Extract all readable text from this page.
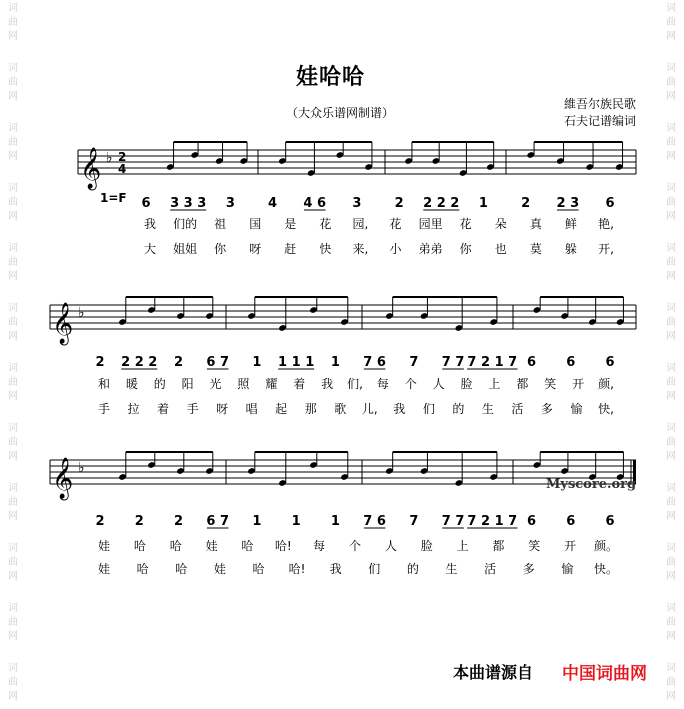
词
曲
网
词
曲
网
词
曲
网
词
曲
网
词
曲
网
词
曲
网
词
曲
网
词
曲
网
词
曲
网
词
曲
网
词
曲
网
词
曲
网
词
曲
网
词
曲
网
词
曲
网
词
曲
网
词
曲
网
词
曲
网
词
曲
网
词
曲
网
词
曲
网
词
曲
网
词
曲
网
词
曲
网
娃哈哈
（大众乐谱网制谱）
維吾尔族民歌
石夫记谱编词
𝄞 ♭ 2
4
1=F 6 3 3 3 3	4 4 6 3	2 2 2 2 1	2 2 3 6
我 们的 祖 国 是 花 园, 花 园里 花 朵 真 鲜 艳,
大 姐姐 你 呀 赶 快 来, 小 弟弟 你 也 莫 躲 开,
𝄞 ♭
2 2 2 2 2 6 7 1 1 1 1 1 7 6 7 7 7 7 2 1 7 6 6 6
和 暖 的 阳 光 照 耀 着 我 们, 每 个 人 脸 上 都 笑 开 颜,
手 拉 着 手 呀 唱 起 那 歌 儿, 我 们 的 生 活 多 愉 快,
𝄞 ♭
2 2 2 6 7 1 1 1 7 6 7 7 7 7 2 1 7 6 6 6
娃 哈 哈 娃 哈 哈! 每 个 人 脸 上 都 笑 开 颜。
娃 哈 哈 娃 哈 哈! 我 们 的 生 活 多 愉 快。
Myscore.org
本曲谱源自 中国词曲网
